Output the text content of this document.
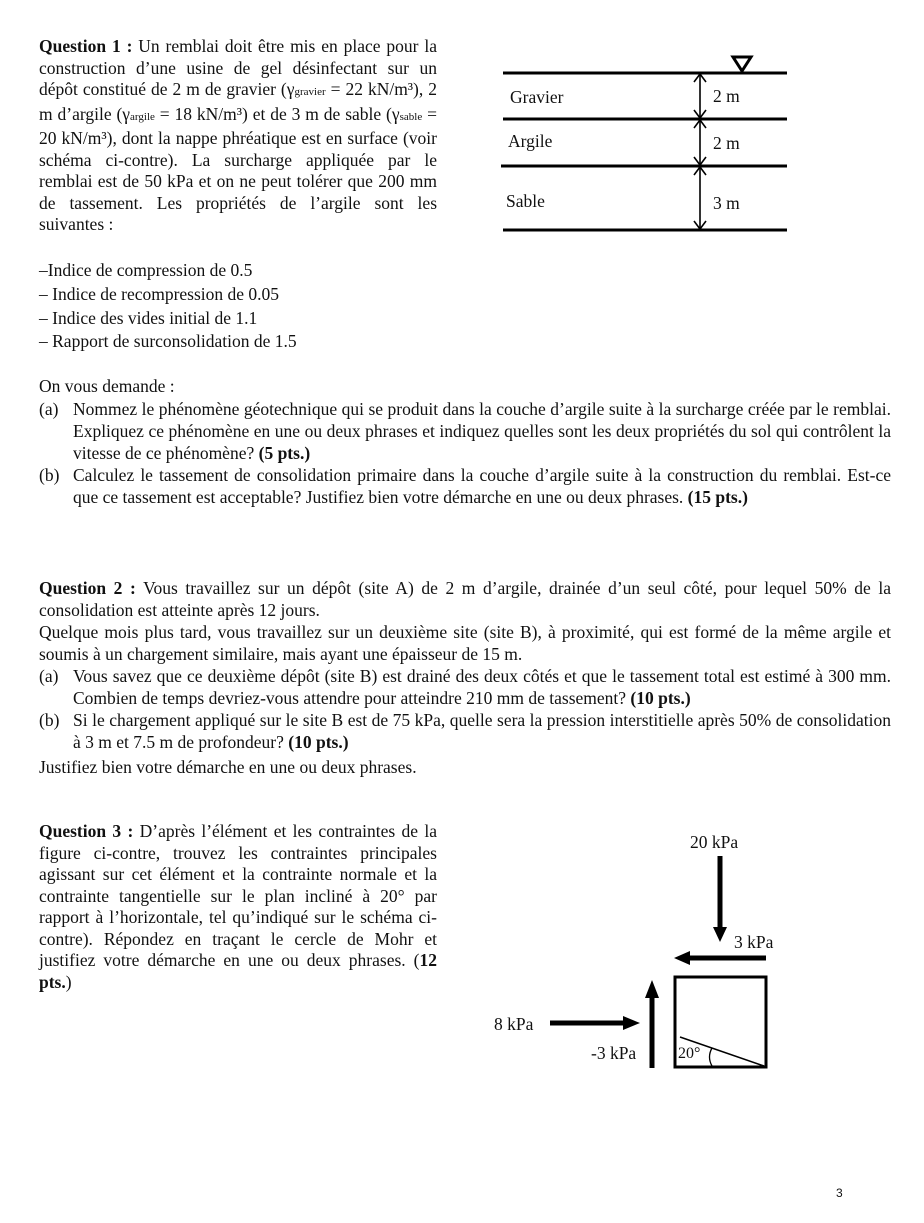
Question 1 : Un remblai doit être mis en place pour la construction d’une usine de gel désinfectant sur un dépôt constitué de 2 m de gravier (γgravier = 22 kN/m³), 2 m d’argile (γargile = 18 kN/m³) et de 3 m de sable (γsable = 20 kN/m³), dont la nappe phréatique est en surface (voir schéma ci-contre). La surcharge appliquée par le remblai est de 50 kPa et on ne peut tolérer que 200 mm de tassement. Les propriétés de l’argile sont les suivantes :
–Indice de compression de 0.5
– Indice de recompression de 0.05
– Indice des vides initial de 1.1
– Rapport de surconsolidation de 1.5
Gravier	2 m
Argile	2 m
Sable	3 m
On vous demande :
(a) Nommez le phénomène géotechnique qui se produit dans la couche d’argile suite à la surcharge créée par le remblai. Expliquez ce phénomène en une ou deux phrases et indiquez quelles sont les deux propriétés du sol qui contrôlent la vitesse de ce phénomène? (5 pts.)
(b) Calculez le tassement de consolidation primaire dans la couche d’argile suite à la construction du remblai. Est-ce que ce tassement est acceptable? Justifiez bien votre démarche en une ou deux phrases. (15 pts.)
Question 2 : Vous travaillez sur un dépôt (site A) de 2 m d’argile, drainée d’un seul côté, pour lequel 50% de la consolidation est atteinte après 12 jours.
Quelque mois plus tard, vous travaillez sur un deuxième site (site B), à proximité, qui est formé de la même argile et soumis à un chargement similaire, mais ayant une épaisseur de 15 m.
(a) Vous savez que ce deuxième dépôt (site B) est drainé des deux côtés et que le tassement total est estimé à 300 mm. Combien de temps devriez-vous attendre pour atteindre 210 mm de tassement? (10 pts.)
(b) Si le chargement appliqué sur le site B est de 75 kPa, quelle sera la pression interstitielle après 50% de consolidation à 3 m et 7.5 m de profondeur? (10 pts.)
Justifiez bien votre démarche en une ou deux phrases.
Question 3 : D’après l’élément et les contraintes de la figure ci-contre, trouvez les contraintes principales agissant sur cet élément et la contrainte normale et la contrainte tangentielle sur le plan incliné à 20° par rapport à l’horizontale, tel qu’indiqué sur le schéma ci-contre). Répondez en traçant le cercle de Mohr et justifiez votre démarche en une ou deux phrases. (12 pts.)
20 kPa
3 kPa
8 kPa
-3 kPa	20°
3
